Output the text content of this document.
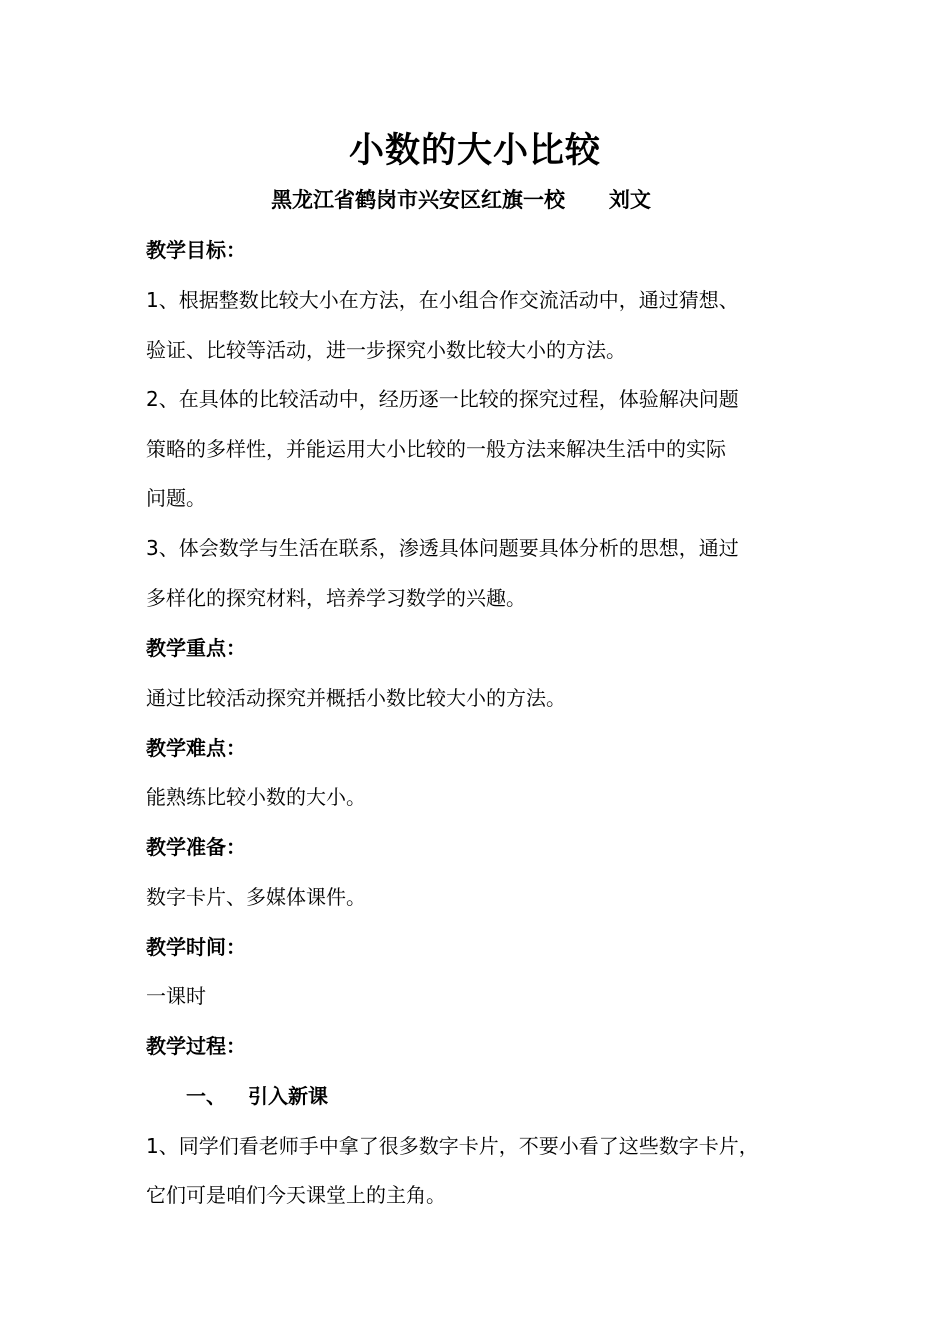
小数的大小比较
黑龙江省鹤岗市兴安区红旗一校      刘文
教学目标：
1、根据整数比较大小在方法，在小组合作交流活动中，通过猜想、
验证、比较等活动，进一步探究小数比较大小的方法。
2、在具体的比较活动中，经历逐一比较的探究过程，体验解决问题
策略的多样性，并能运用大小比较的一般方法来解决生活中的实际
问题。
3、体会数学与生活在联系，渗透具体问题要具体分析的思想，通过
多样化的探究材料，培养学习数学的兴趣。
教学重点：
通过比较活动探究并概括小数比较大小的方法。
教学难点：
能熟练比较小数的大小。
教学准备：
数字卡片、多媒体课件。
教学时间：
一课时
教学过程：
一、 引入新课
1、同学们看老师手中拿了很多数字卡片，不要小看了这些数字卡片，
它们可是咱们今天课堂上的主角。
